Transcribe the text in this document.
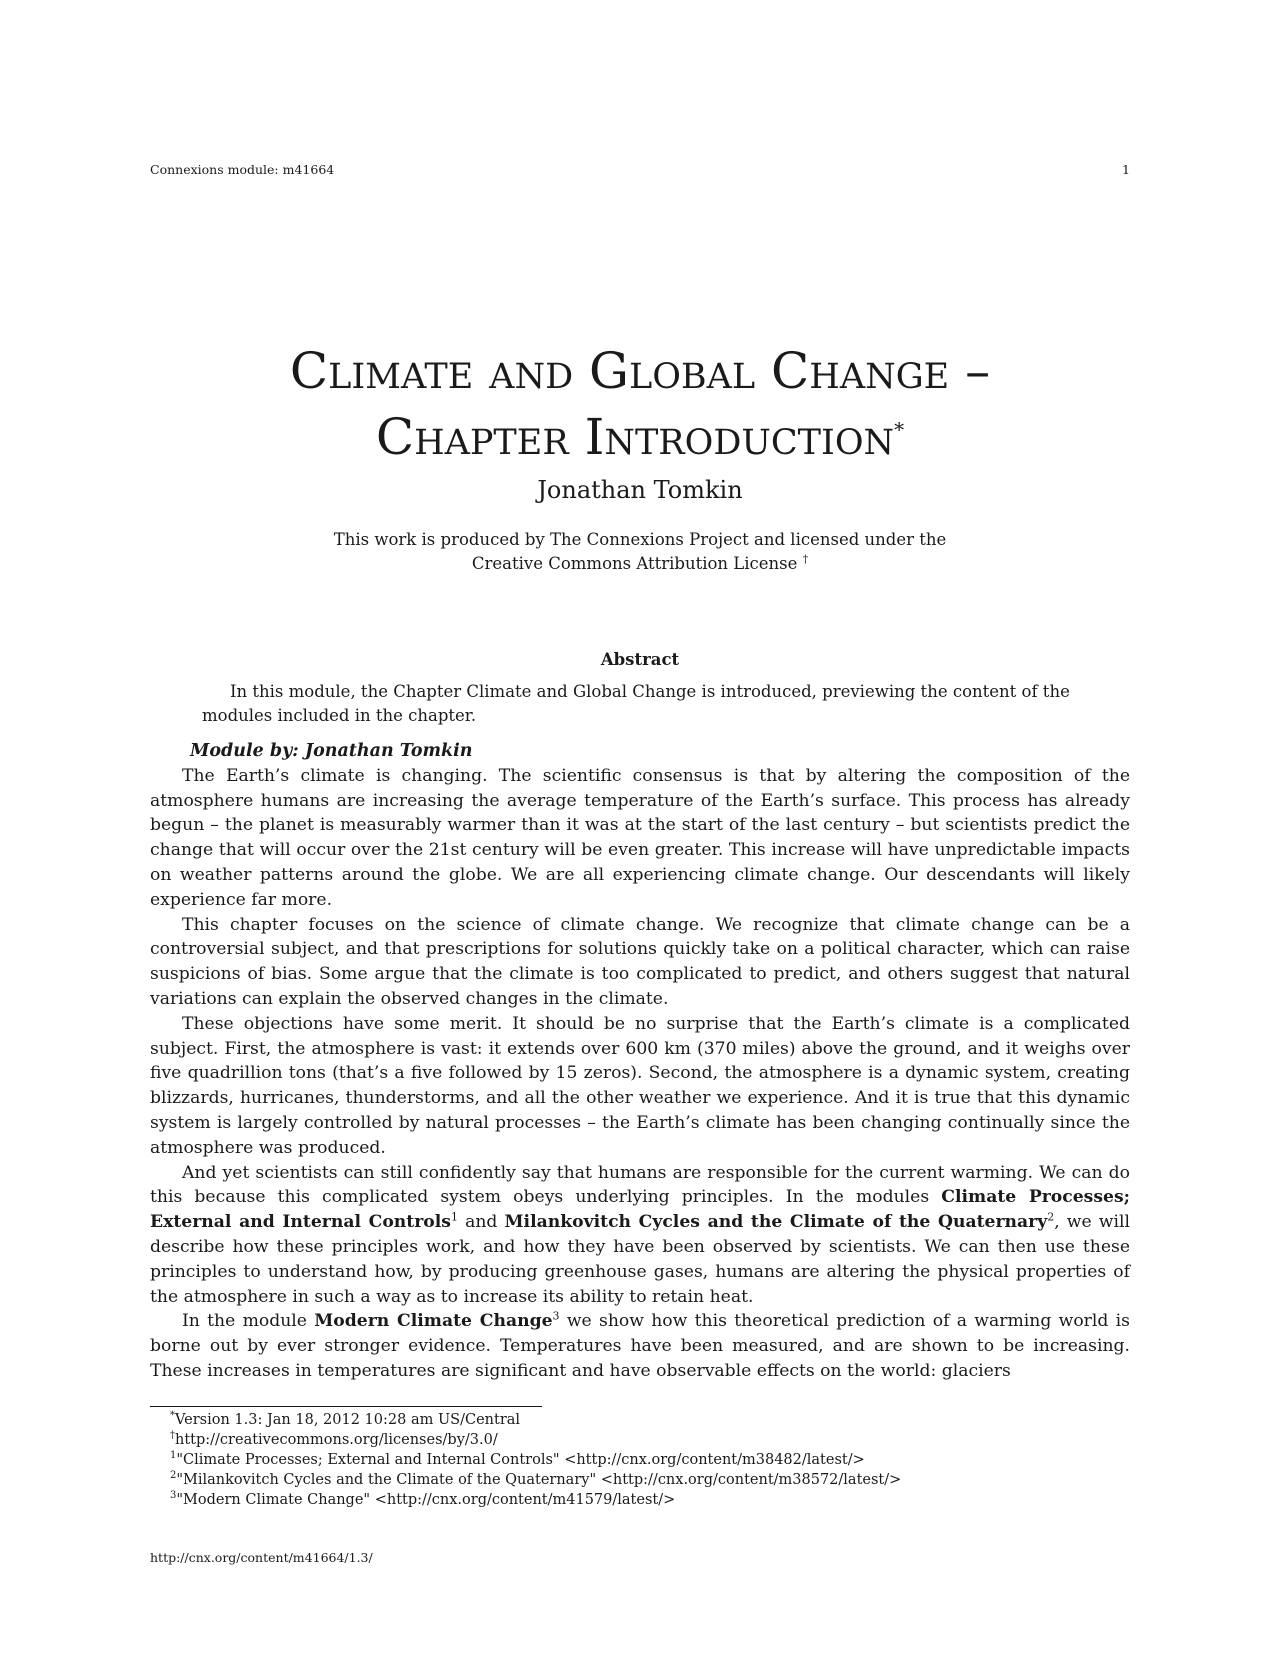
Connexions module: m41664	1
Climate and Global Change –
Chapter Introduction*
Jonathan Tomkin
This work is produced by The Connexions Project and licensed under the
Creative Commons Attribution License †
Abstract

In this module, the Chapter Climate and Global Change is introduced, previewing the content of the modules included in the chapter.

Module by: Jonathan Tomkin

The Earth’s climate is changing. The scientific consensus is that by altering the composition of the atmosphere humans are increasing the average temperature of the Earth’s surface. This process has already begun – the planet is measurably warmer than it was at the start of the last century – but scientists predict the change that will occur over the 21st century will be even greater. This increase will have unpredictable impacts on weather patterns around the globe. We are all experiencing climate change. Our descendants will likely experience far more.

This chapter focuses on the science of climate change. We recognize that climate change can be a controversial subject, and that prescriptions for solutions quickly take on a political character, which can raise suspicions of bias. Some argue that the climate is too complicated to predict, and others suggest that natural variations can explain the observed changes in the climate.

These objections have some merit. It should be no surprise that the Earth’s climate is a complicated subject. First, the atmosphere is vast: it extends over 600 km (370 miles) above the ground, and it weighs over five quadrillion tons (that’s a five followed by 15 zeros). Second, the atmosphere is a dynamic system, creating blizzards, hurricanes, thunderstorms, and all the other weather we experience. And it is true that this dynamic system is largely controlled by natural processes – the Earth’s climate has been changing continually since the atmosphere was produced.

And yet scientists can still confidently say that humans are responsible for the current warming. We can do this because this complicated system obeys underlying principles. In the modules Climate Processes; External and Internal Controls$^1$ and Milankovitch Cycles and the Climate of the Quaternary$^2$, we will describe how these principles work, and how they have been observed by scientists. We can then use these principles to understand how, by producing greenhouse gases, humans are altering the physical properties of the atmosphere in such a way as to increase its ability to retain heat.

In the module Modern Climate Change$^3$ we show how this theoretical prediction of a warming world is borne out by ever stronger evidence. Temperatures have been measured, and are shown to be increasing. These increases in temperatures are significant and have observable effects on the world: glaciers

*Version 1.3: Jan 18, 2012 10:28 am US/Central
†http://creativecommons.org/licenses/by/3.0/
$^1$"Climate Processes; External and Internal Controls" <http://cnx.org/content/m38482/latest/>
$^2$"Milankovitch Cycles and the Climate of the Quaternary" <http://cnx.org/content/m38572/latest/>
$^3$"Modern Climate Change" <http://cnx.org/content/m41579/latest/>
http://cnx.org/content/m41664/1.3/
